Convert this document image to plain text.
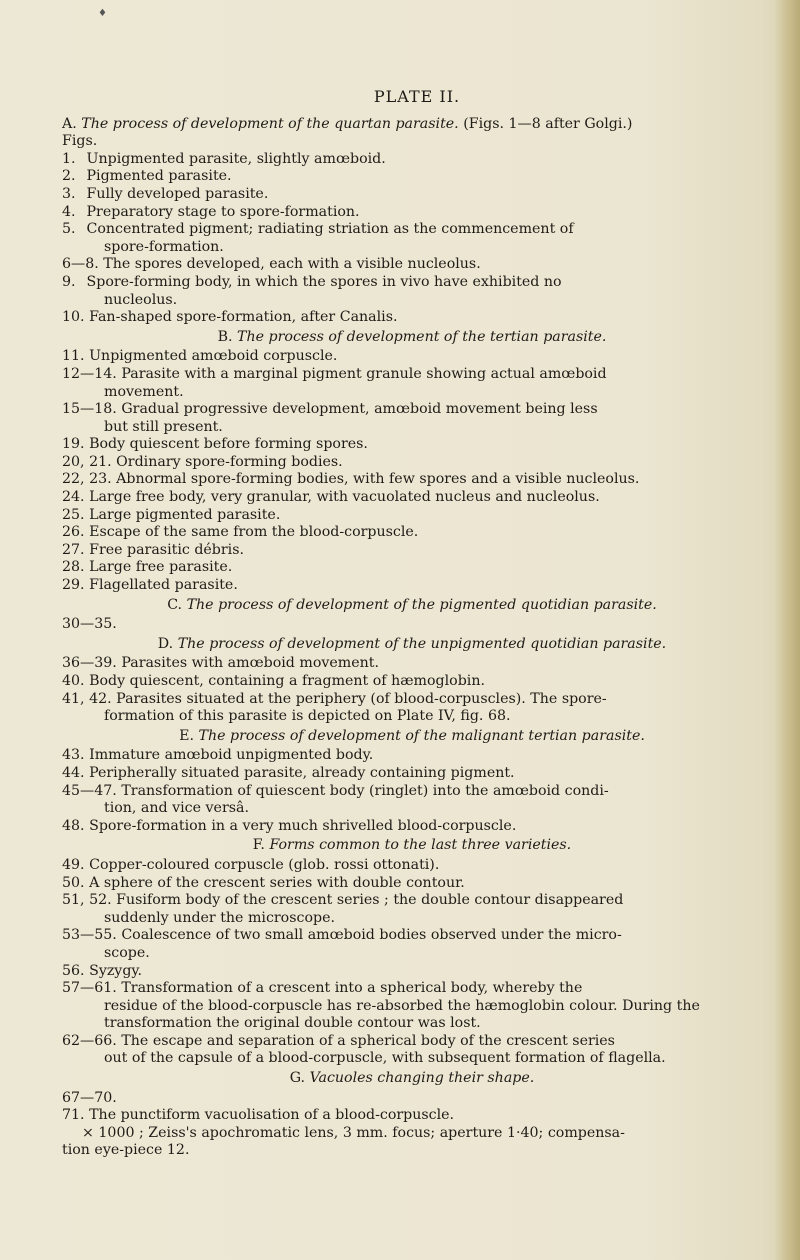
♦
PLATE II.
A. The process of development of the quartan parasite. (Figs. 1—8 after Golgi.)
Figs.
1. Unpigmented parasite, slightly amœboid.
2. Pigmented parasite.
3. Fully developed parasite.
4. Preparatory stage to spore-formation.
5. Concentrated pigment; radiating striation as the commencement of
spore-formation.
6—8. The spores developed, each with a visible nucleolus.
9. Spore-forming body, in which the spores in vivo have exhibited no
nucleolus.
10. Fan-shaped spore-formation, after Canalis.
B. The process of development of the tertian parasite.
11. Unpigmented amœboid corpuscle.
12—14. Parasite with a marginal pigment granule showing actual amœboid
movement.
15—18. Gradual progressive development, amœboid movement being less
but still present.
19. Body quiescent before forming spores.
20, 21. Ordinary spore-forming bodies.
22, 23. Abnormal spore-forming bodies, with few spores and a visible nucleolus.
24. Large free body, very granular, with vacuolated nucleus and nucleolus.
25. Large pigmented parasite.
26. Escape of the same from the blood-corpuscle.
27. Free parasitic débris.
28. Large free parasite.
29. Flagellated parasite.
C. The process of development of the pigmented quotidian parasite.
30—35.
D. The process of development of the unpigmented quotidian parasite.
36—39. Parasites with amœboid movement.
40. Body quiescent, containing a fragment of hæmoglobin.
41, 42. Parasites situated at the periphery (of blood-corpuscles). The spore-
formation of this parasite is depicted on Plate IV, fig. 68.
E. The process of development of the malignant tertian parasite.
43. Immature amœboid unpigmented body.
44. Peripherally situated parasite, already containing pigment.
45—47. Transformation of quiescent body (ringlet) into the amœboid condi-
tion, and vice versâ.
48. Spore-formation in a very much shrivelled blood-corpuscle.
F. Forms common to the last three varieties.
49. Copper-coloured corpuscle (glob. rossi ottonati).
50. A sphere of the crescent series with double contour.
51, 52. Fusiform body of the crescent series ; the double contour disappeared
suddenly under the microscope.
53—55. Coalescence of two small amœboid bodies observed under the micro-
scope.
56. Syzygy.
57—61. Transformation of a crescent into a spherical body, whereby the
residue of the blood-corpuscle has re-absorbed the hæmoglobin colour. During the transformation the original double contour was lost.
62—66. The escape and separation of a spherical body of the crescent series
out of the capsule of a blood-corpuscle, with subsequent formation of flagella.
G. Vacuoles changing their shape.
67—70.
71. The punctiform vacuolisation of a blood-corpuscle.
× 1000 ; Zeiss's apochromatic lens, 3 mm. focus; aperture 1·40; compensa-
tion eye-piece 12.
